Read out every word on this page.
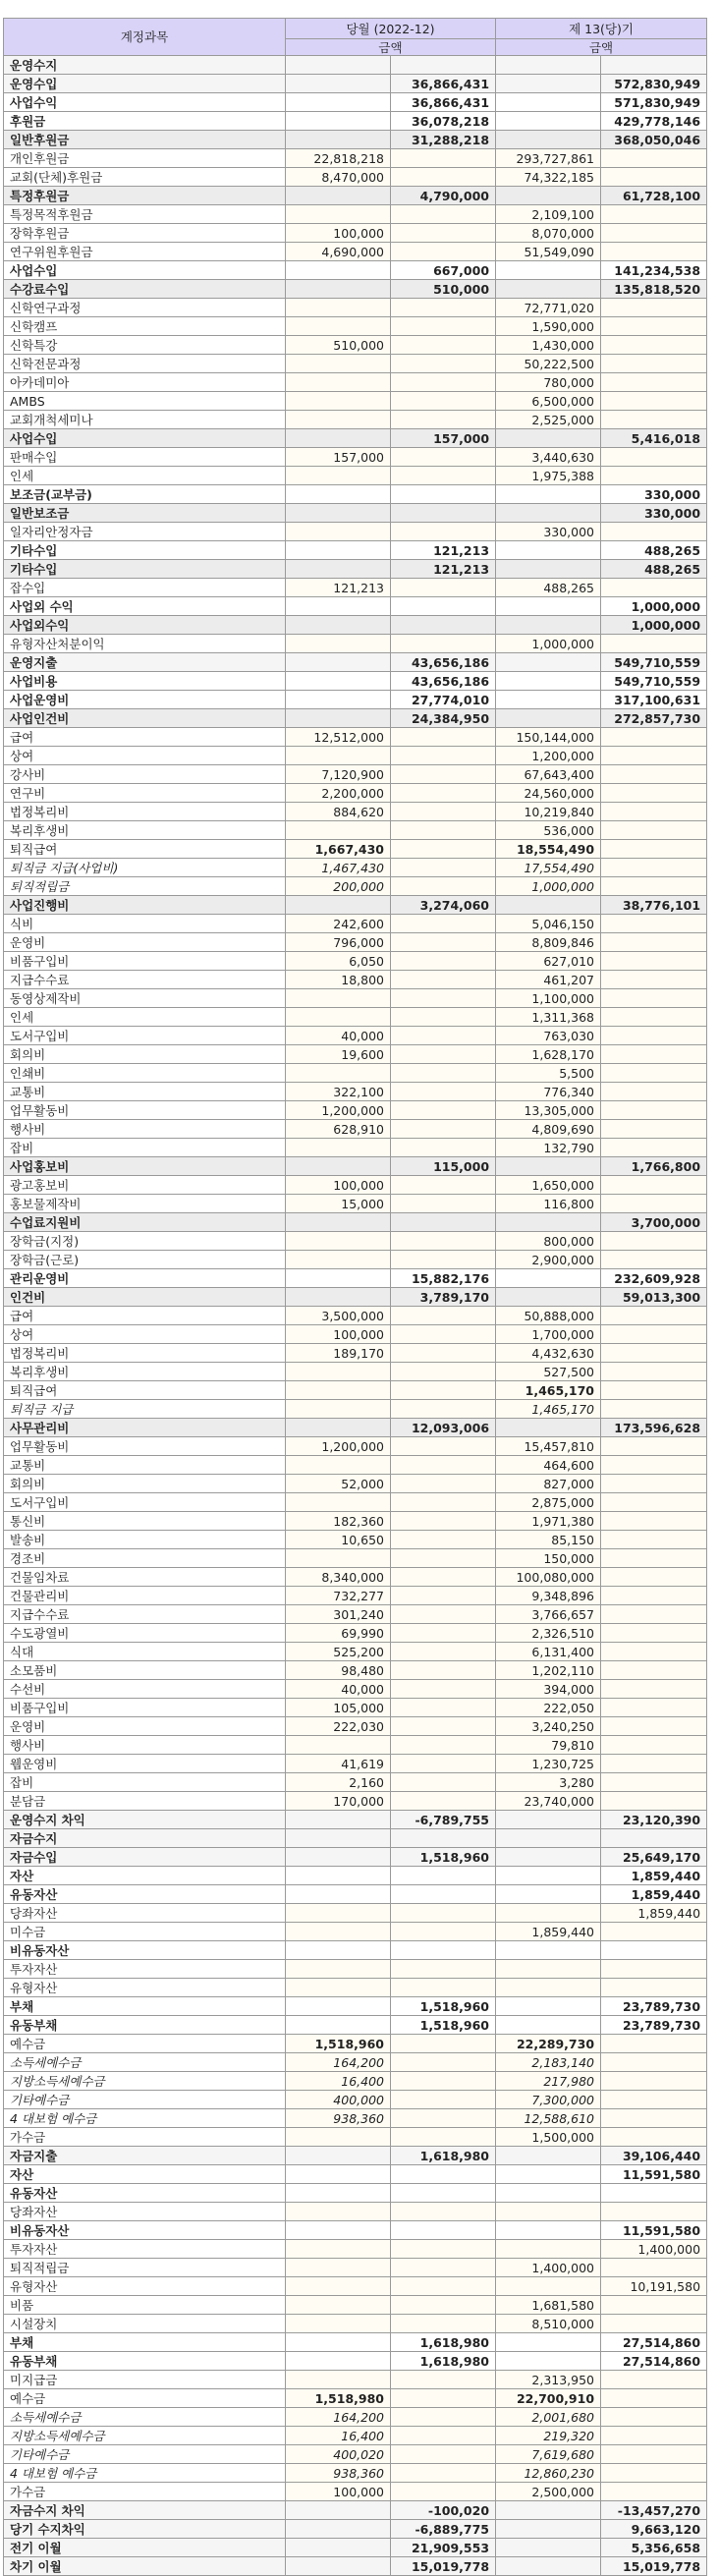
계정과목	당월 (2022-12)		제 13(당)기	
	금액		금액	
운영수지				
운영수입		36,866,431		572,830,949
사업수익		36,866,431		571,830,949
후원금		36,078,218		429,778,146
일반후원금		31,288,218		368,050,046
개인후원금	22,818,218		293,727,861	
교회(단체)후원금	8,470,000		74,322,185	
특정후원금		4,790,000		61,728,100
특정목적후원금			2,109,100	
장학후원금	100,000		8,070,000	
연구위원후원금	4,690,000		51,549,090	
사업수입		667,000		141,234,538
수강료수입		510,000		135,818,520
신학연구과정			72,771,020	
신학캠프			1,590,000	
신학특강	510,000		1,430,000	
신학전문과정			50,222,500	
아카데미아			780,000	
AMBS			6,500,000	
교회개척세미나			2,525,000	
사업수입		157,000		5,416,018
판매수입	157,000		3,440,630	
인세			1,975,388	
보조금(교부금)				330,000
일반보조금				330,000
일자리안정자금			330,000	
기타수입		121,213		488,265
기타수입		121,213		488,265
잡수입	121,213		488,265	
사업외 수익				1,000,000
사업외수익				1,000,000
유형자산처분이익			1,000,000	
운영지출		43,656,186		549,710,559
사업비용		43,656,186		549,710,559
사업운영비		27,774,010		317,100,631
사업인건비		24,384,950		272,857,730
급여	12,512,000		150,144,000	
상여			1,200,000	
강사비	7,120,900		67,643,400	
연구비	2,200,000		24,560,000	
법정복리비	884,620		10,219,840	
복리후생비			536,000	
퇴직급여	1,667,430		18,554,490	
퇴직금 지급(사업비)	1,467,430		17,554,490	
퇴직적립금	200,000		1,000,000	
사업진행비		3,274,060		38,776,101
식비	242,600		5,046,150	
운영비	796,000		8,809,846	
비품구입비	6,050		627,010	
지급수수료	18,800		461,207	
동영상제작비			1,100,000	
인세			1,311,368	
도서구입비	40,000		763,030	
회의비	19,600		1,628,170	
인쇄비			5,500	
교통비	322,100		776,340	
업무활동비	1,200,000		13,305,000	
행사비	628,910		4,809,690	
잡비			132,790	
사업홍보비		115,000		1,766,800
광고홍보비	100,000		1,650,000	
홍보물제작비	15,000		116,800	
수업료지원비				3,700,000
장학금(지정)			800,000	
장학금(근로)			2,900,000	
관리운영비		15,882,176		232,609,928
인건비		3,789,170		59,013,300
급여	3,500,000		50,888,000	
상여	100,000		1,700,000	
법정복리비	189,170		4,432,630	
복리후생비			527,500	
퇴직급여			1,465,170	
퇴직금 지급			1,465,170	
사무관리비		12,093,006		173,596,628
업무활동비	1,200,000		15,457,810	
교통비			464,600	
회의비	52,000		827,000	
도서구입비			2,875,000	
통신비	182,360		1,971,380	
발송비	10,650		85,150	
경조비			150,000	
건물임차료	8,340,000		100,080,000	
건물관리비	732,277		9,348,896	
지급수수료	301,240		3,766,657	
수도광열비	69,990		2,326,510	
식대	525,200		6,131,400	
소모품비	98,480		1,202,110	
수선비	40,000		394,000	
비품구입비	105,000		222,050	
운영비	222,030		3,240,250	
행사비			79,810	
웹운영비	41,619		1,230,725	
잡비	2,160		3,280	
분담금	170,000		23,740,000	
운영수지 차익		-6,789,755		23,120,390
자금수지				
자금수입		1,518,960		25,649,170
자산				1,859,440
유동자산				1,859,440
당좌자산				1,859,440
미수금			1,859,440	
비유동자산				
투자자산				
유형자산				
부채		1,518,960		23,789,730
유동부채		1,518,960		23,789,730
예수금	1,518,960		22,289,730	
소득세예수금	164,200		2,183,140	
지방소득세예수금	16,400		217,980	
기타예수금	400,000		7,300,000	
4 대보험 예수금	938,360		12,588,610	
가수금			1,500,000	
자금지출		1,618,980		39,106,440
자산				11,591,580
유동자산				
당좌자산				
비유동자산				11,591,580
투자자산				1,400,000
퇴직적립금			1,400,000	
유형자산				10,191,580
비품			1,681,580	
시설장치			8,510,000	
부채		1,618,980		27,514,860
유동부채		1,618,980		27,514,860
미지급금			2,313,950	
예수금	1,518,980		22,700,910	
소득세예수금	164,200		2,001,680	
지방소득세예수금	16,400		219,320	
기타예수금	400,020		7,619,680	
4 대보험 예수금	938,360		12,860,230	
가수금	100,000		2,500,000	
자금수지 차익		-100,020		-13,457,270
당기 수지차익		-6,889,775		9,663,120
전기 이월		21,909,553		5,356,658
차기 이월		15,019,778		15,019,778
